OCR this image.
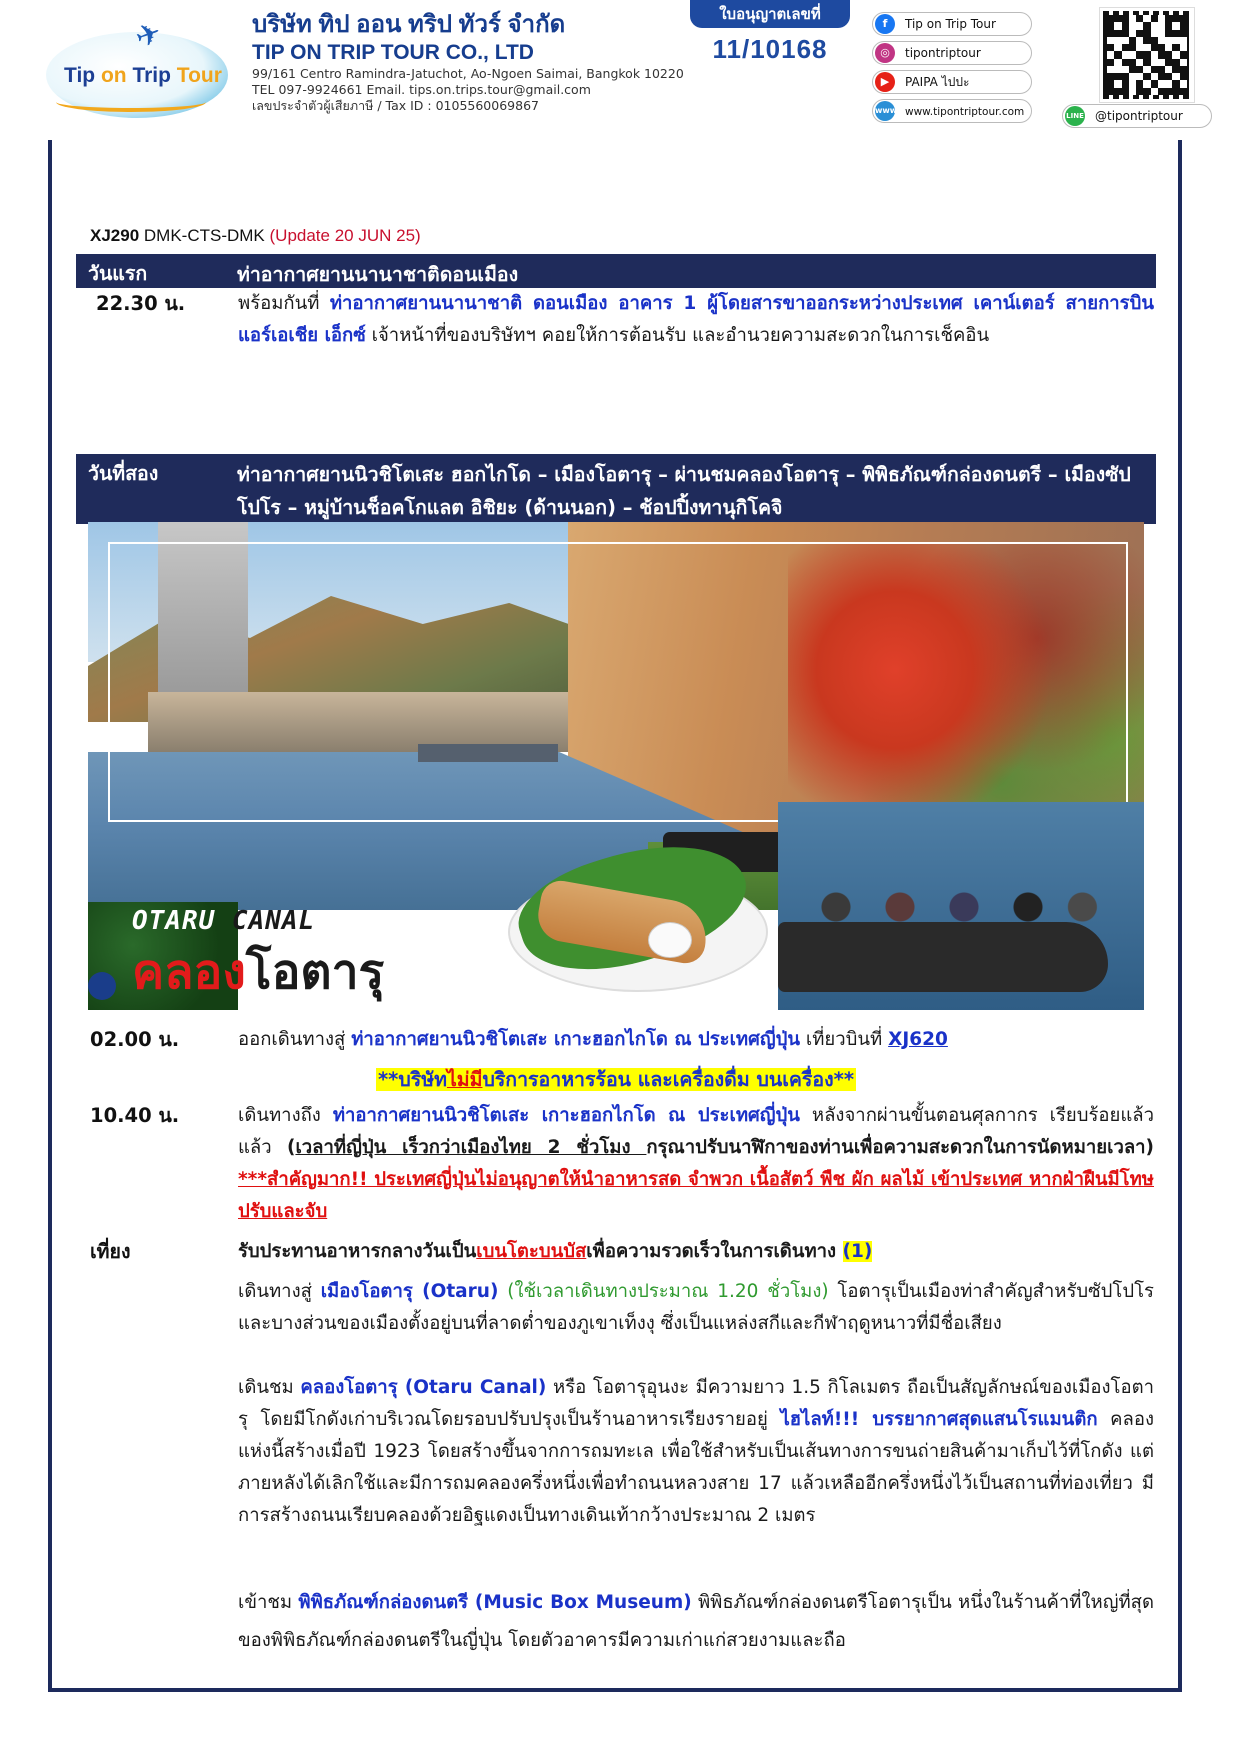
✈
Tip on Trip Tour
บริษัท ทิป ออน ทริป ทัวร์ จำกัด
TIP ON TRIP TOUR CO., LTD
99/161 Centro Ramindra-Jatuchot, Ao-Ngoen Saimai, Bangkok 10220
TEL 097-9924661 Email. tips.on.trips.tour@gmail.com
เลขประจำตัวผู้เสียภาษี / Tax ID : 0105560069867
ใบอนุญาตเลขที่
11/10168
f	Tip on Trip Tour
◎	tipontriptour
▶	PAIPA ไปปะ
www www.tipontriptour.com	LINE @tipontriptour
XJ290 DMK-CTS-DMK (Update 20 JUN 25)
วันแรก	ท่าอากาศยานนานาชาติดอนเมือง
22.30 น.	พร้อมกันที่ ท่าอากาศยานนานาชาติ ดอนเมือง อาคาร 1 ผู้โดยสารขาออกระหว่างประเทศ เคาน์เตอร์ สายการบินแอร์เอเชีย เอ็กซ์ เจ้าหน้าที่ของบริษัทฯ คอยให้การต้อนรับ และอำนวยความสะดวกในการเช็คอิน
วันที่สอง	ท่าอากาศยานนิวชิโตเสะ ฮอกไกโด – เมืองโอตารุ – ผ่านชมคลองโอตารุ – พิพิธภัณฑ์กล่องดนตรี – เมืองซัปโปโร – หมู่บ้านช็อคโกแลต อิชิยะ (ด้านนอก) – ช้อปปิ้งทานุกิโคจิ
OTARU CANAL
คลองโอตารุ
02.00 น.	ออกเดินทางสู่ ท่าอากาศยานนิวชิโตเสะ เกาะฮอกไกโด ณ ประเทศญี่ปุ่น เที่ยวบินที่ XJ620
**บริษัทไม่มีบริการอาหารร้อน และเครื่องดื่ม บนเครื่อง**
10.40 น.	เดินทางถึง ท่าอากาศยานนิวชิโตเสะ เกาะฮอกไกโด ณ ประเทศญี่ปุ่น หลังจากผ่านขั้นตอนศุลกากร เรียบร้อยแล้ว แล้ว (เวลาที่ญี่ปุ่น เร็วกว่าเมืองไทย 2 ชั่วโมง กรุณาปรับนาฬิกาของท่านเพื่อความสะดวกในการนัดหมายเวลา) ***สำคัญมาก!! ประเทศญี่ปุ่นไม่อนุญาตให้นำอาหารสด จำพวก เนื้อสัตว์ พืช ผัก ผลไม้ เข้าประเทศ หากฝ่าฝืนมีโทษปรับและจับ
เที่ยง	รับประทานอาหารกลางวันเป็นเบนโตะบนบัสเพื่อความรวดเร็วในการเดินทาง (1)
เดินทางสู่ เมืองโอตารุ (Otaru) (ใช้เวลาเดินทางประมาณ 1.20 ชั่วโมง) โอตารุเป็นเมืองท่าสำคัญสำหรับซัปโปโร และบางส่วนของเมืองตั้งอยู่บนที่ลาดต่ำของภูเขาเท็งงุ ซึ่งเป็นแหล่งสกีและกีฬาฤดูหนาวที่มีชื่อเสียง
เดินชม คลองโอตารุ (Otaru Canal) หรือ โอตารุอุนงะ มีความยาว 1.5 กิโลเมตร ถือเป็นสัญลักษณ์ของเมืองโอตารุ โดยมีโกดังเก่าบริเวณโดยรอบปรับปรุงเป็นร้านอาหารเรียงรายอยู่ ไฮไลท์!!! บรรยากาศสุดแสนโรแมนติก คลองแห่งนี้สร้างเมื่อปี 1923 โดยสร้างขึ้นจากการถมทะเล เพื่อใช้สำหรับเป็นเส้นทางการขนถ่ายสินค้ามาเก็บไว้ที่โกดัง แต่ภายหลังได้เลิกใช้และมีการถมคลองครึ่งหนึ่งเพื่อทำถนนหลวงสาย 17 แล้วเหลืออีกครึ่งหนึ่งไว้เป็นสถานที่ท่องเที่ยว มีการสร้างถนนเรียบคลองด้วยอิฐแดงเป็นทางเดินเท้ากว้างประมาณ 2 เมตร
เข้าชม พิพิธภัณฑ์กล่องดนตรี (Music Box Museum) พิพิธภัณฑ์กล่องดนตรีโอตารุเป็น หนึ่งในร้านค้าที่ใหญ่ที่สุดของพิพิธภัณฑ์กล่องดนตรีในญี่ปุ่น โดยตัวอาคารมีความเก่าแก่สวยงามและถือ
